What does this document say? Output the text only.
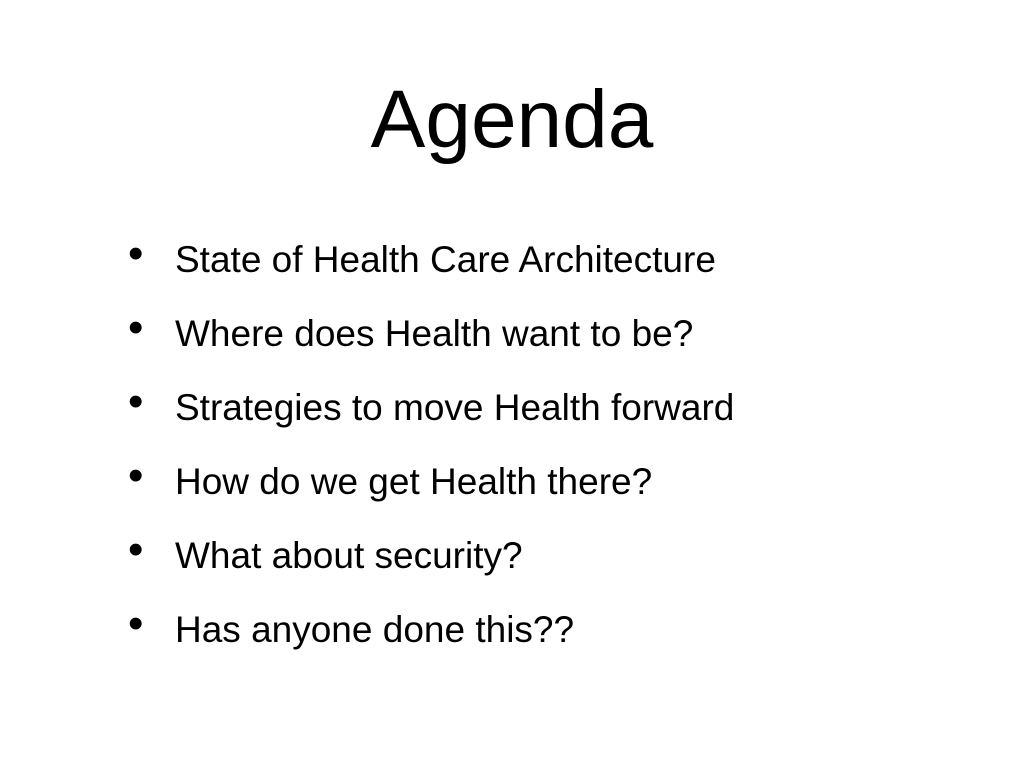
Agenda
• State of Health Care Architecture
• Where does Health want to be?
• Strategies to move Health forward
• How do we get Health there?
• What about security?
• Has anyone done this??
